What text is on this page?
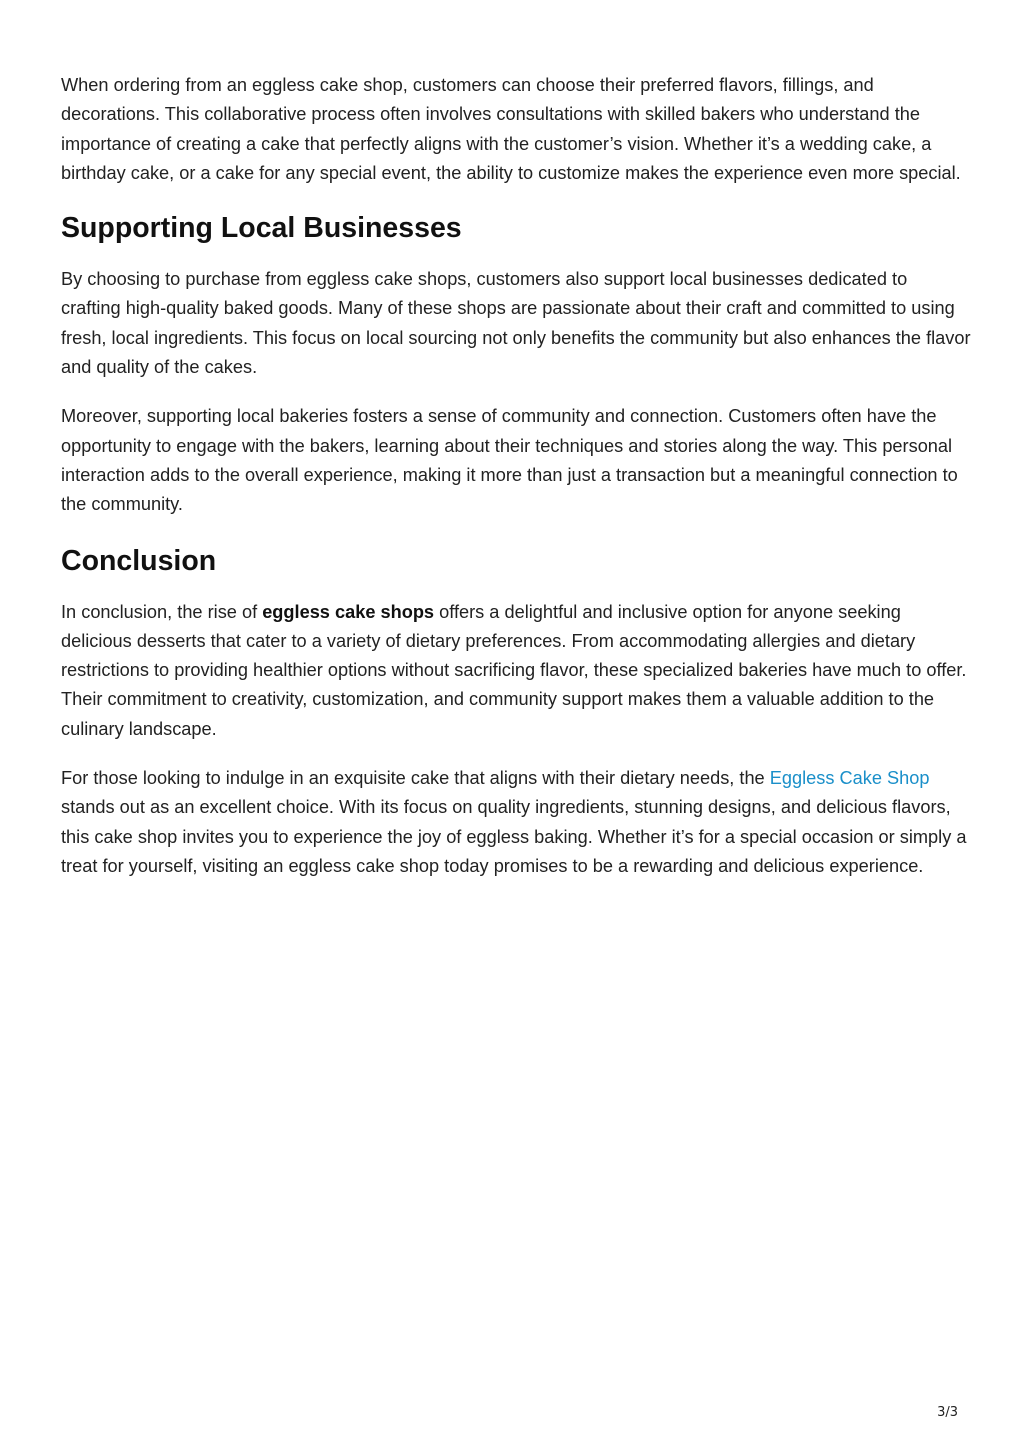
When ordering from an eggless cake shop, customers can choose their preferred flavors, fillings, and decorations. This collaborative process often involves consultations with skilled bakers who understand the importance of creating a cake that perfectly aligns with the customer’s vision. Whether it’s a wedding cake, a birthday cake, or a cake for any special event, the ability to customize makes the experience even more special.

Supporting Local Businesses

By choosing to purchase from eggless cake shops, customers also support local businesses dedicated to crafting high-quality baked goods. Many of these shops are passionate about their craft and committed to using fresh, local ingredients. This focus on local sourcing not only benefits the community but also enhances the flavor and quality of the cakes.

Moreover, supporting local bakeries fosters a sense of community and connection. Customers often have the opportunity to engage with the bakers, learning about their techniques and stories along the way. This personal interaction adds to the overall experience, making it more than just a transaction but a meaningful connection to the community.

Conclusion

In conclusion, the rise of eggless cake shops offers a delightful and inclusive option for anyone seeking delicious desserts that cater to a variety of dietary preferences. From accommodating allergies and dietary restrictions to providing healthier options without sacrificing flavor, these specialized bakeries have much to offer. Their commitment to creativity, customization, and community support makes them a valuable addition to the culinary landscape.

For those looking to indulge in an exquisite cake that aligns with their dietary needs, the Eggless Cake Shop stands out as an excellent choice. With its focus on quality ingredients, stunning designs, and delicious flavors, this cake shop invites you to experience the joy of eggless baking. Whether it’s for a special occasion or simply a treat for yourself, visiting an eggless cake shop today promises to be a rewarding and delicious experience.

3/3
